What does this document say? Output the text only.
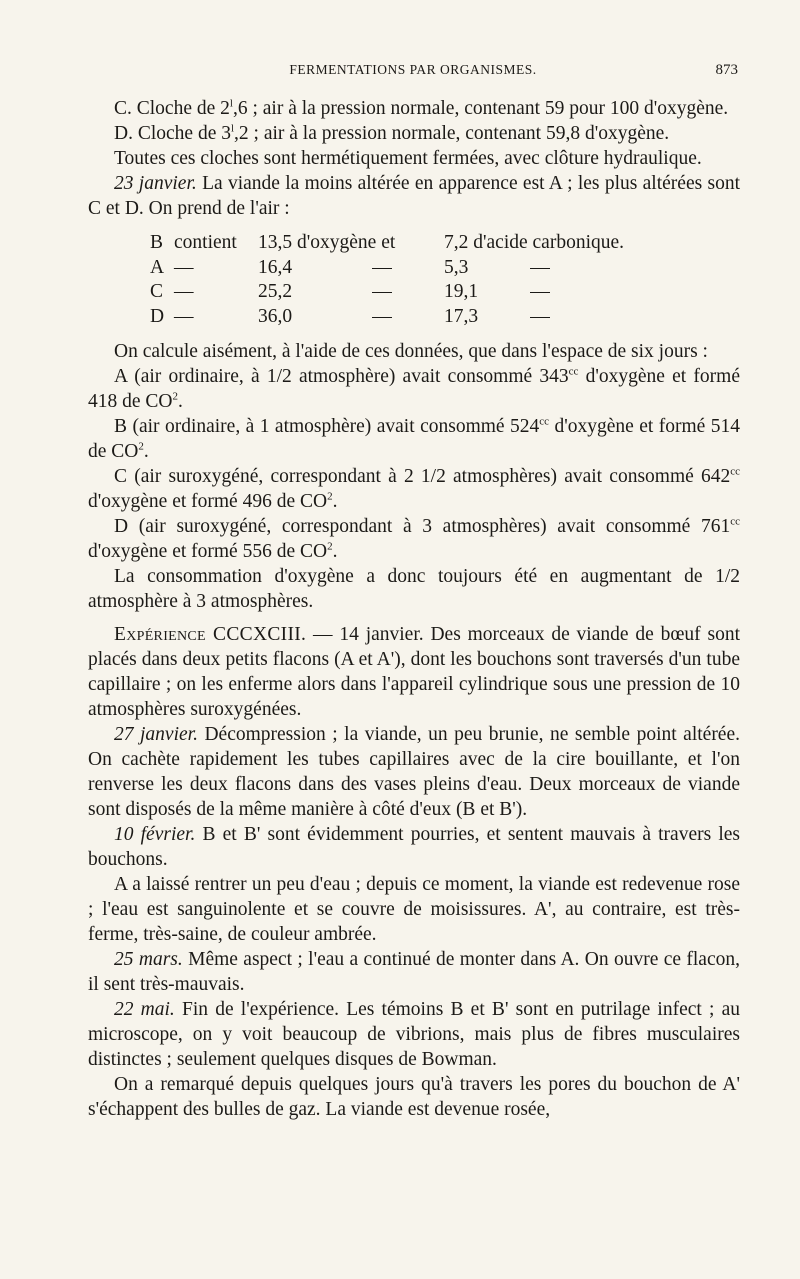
FERMENTATIONS PAR ORGANISMES.	873

C. Cloche de 2$^l$,6 ; air à la pression normale, contenant 59 pour 100 d'oxygène.

D. Cloche de 3$^l$,2 ; air à la pression normale, contenant 59,8 d'oxygène.

Toutes ces cloches sont hermétiquement fermées, avec clôture hydraulique.

23 janvier. La viande la moins altérée en apparence est A ; les plus altérées sont C et D. On prend de l'air :

B contient	13,5 d'oxygène et 7,2 d'acide carbonique.
A —	16,4	5,3
C —	25,2	19,1
D —	36,0	17,3

On calcule aisément, à l'aide de ces données, que dans l'espace de six jours :

A (air ordinaire, à 1/2 atmosphère) avait consommé $343^{cc}$ d'oxygène et formé 418 de $CO^2$.

B (air ordinaire, à 1 atmosphère) avait consommé $524^{cc}$ d'oxygène et formé 514 de $CO^2$.

C (air suroxygéné, correspondant à 2 1/2 atmosphères) avait consommé $642^{cc}$ d'oxygène et formé 496 de $CO^2$.

D (air suroxygéné, correspondant à 3 atmosphères) avait consommé $761^{cc}$ d'oxygène et formé 556 de $CO^2$.

La consommation d'oxygène a donc toujours été en augmentant de 1/2 atmosphère à 3 atmosphères.

Expérience CCCXCIII. — 14 janvier. Des morceaux de viande de bœuf sont placés dans deux petits flacons (A et A'), dont les bouchons sont traversés d'un tube capillaire ; on les enferme alors dans l'appareil cylindrique sous une pression de 10 atmosphères suroxygénées.

27 janvier. Décompression ; la viande, un peu brunie, ne semble point altérée. On cachète rapidement les tubes capillaires avec de la cire bouillante, et l'on renverse les deux flacons dans des vases pleins d'eau. Deux morceaux de viande sont disposés de la même manière à côté d'eux (B et B').

10 février. B et B' sont évidemment pourries, et sentent mauvais à travers les bouchons.

A a laissé rentrer un peu d'eau ; depuis ce moment, la viande est redevenue rose ; l'eau est sanguinolente et se couvre de moisissures. A', au contraire, est très-ferme, très-saine, de couleur ambrée.

25 mars. Même aspect ; l'eau a continué de monter dans A. On ouvre ce flacon, il sent très-mauvais.

22 mai. Fin de l'expérience. Les témoins B et B' sont en putrilage infect ; au microscope, on y voit beaucoup de vibrions, mais plus de fibres musculaires distinctes ; seulement quelques disques de Bowman.

On a remarqué depuis quelques jours qu'à travers les pores du bouchon de A' s'échappent des bulles de gaz. La viande est devenue rosée,
